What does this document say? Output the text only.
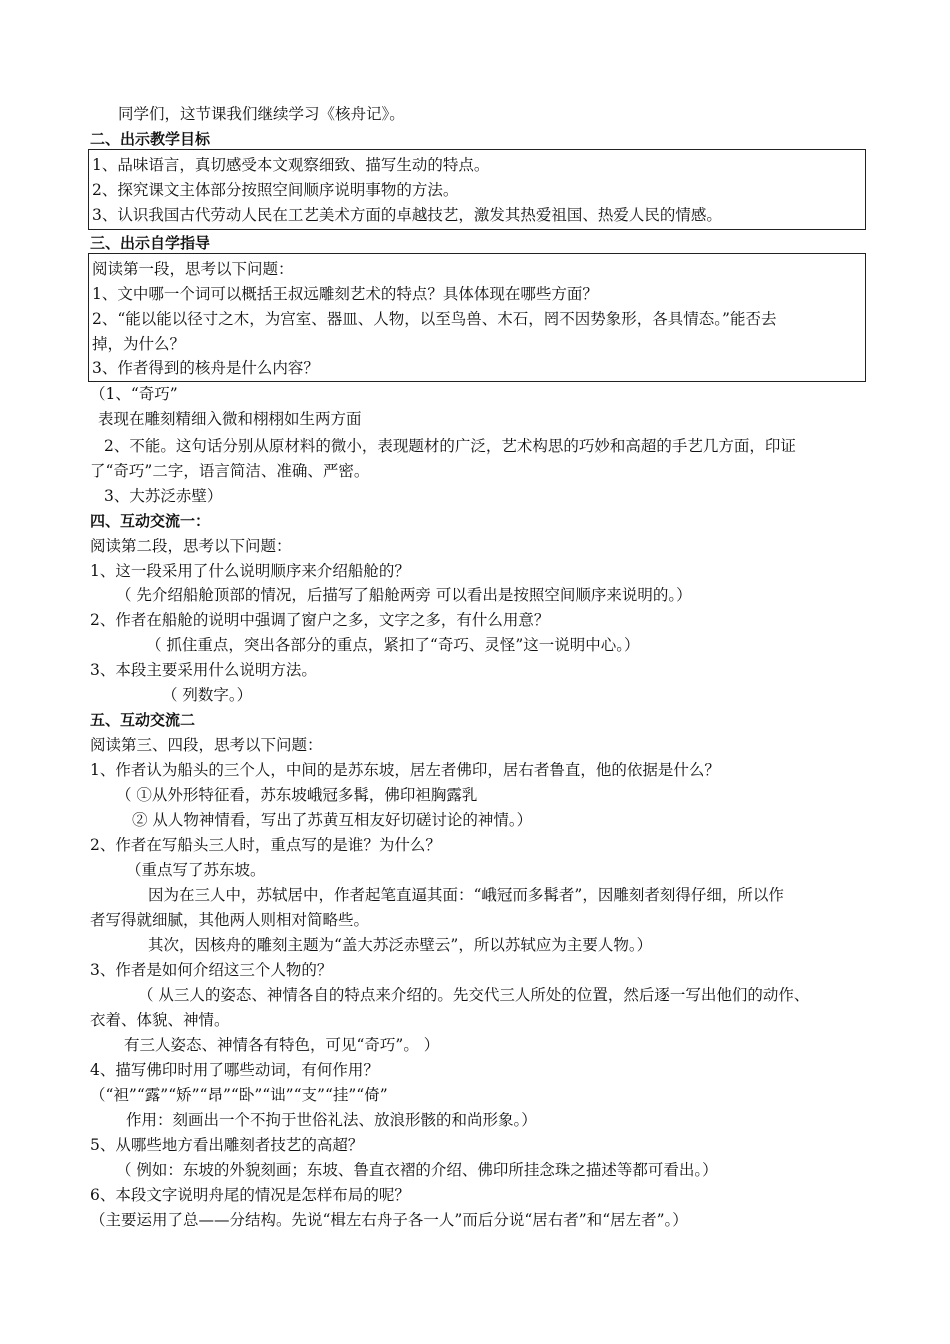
同学们，这节课我们继续学习《核舟记》。
二、出示教学目标
1、品味语言，真切感受本文观察细致、描写生动的特点。
2、探究课文主体部分按照空间顺序说明事物的方法。
3、认识我国古代劳动人民在工艺美术方面的卓越技艺，激发其热爱祖国、热爱人民的情感。
三、出示自学指导
阅读第一段，思考以下问题：
1、文中哪一个词可以概括王叔远雕刻艺术的特点？具体体现在哪些方面？
2、“能以能以径寸之木，为宫室、器皿、人物，以至鸟兽、木石，罔不因势象形，各具情态。”能否去
掉，为什么？
3、作者得到的核舟是什么内容？
（1、“奇巧”
表现在雕刻精细入微和栩栩如生两方面
2、不能。这句话分别从原材料的微小，表现题材的广泛，艺术构思的巧妙和高超的手艺几方面，印证
了“奇巧”二字，语言简洁、准确、严密。
3、大苏泛赤壁）
四、互动交流一：
阅读第二段，思考以下问题：
1、这一段采用了什么说明顺序来介绍船舱的？
（ 先介绍船舱顶部的情况，后描写了船舱两旁 可以看出是按照空间顺序来说明的。）
2、作者在船舱的说明中强调了窗户之多，文字之多，有什么用意？
（ 抓住重点，突出各部分的重点，紧扣了“奇巧、灵怪”这一说明中心。）
3、本段主要采用什么说明方法。
（ 列数字。）
五、互动交流二
阅读第三、四段，思考以下问题：
1、作者认为船头的三个人，中间的是苏东坡，居左者佛印，居右者鲁直，他的依据是什么？
（ ①从外形特征看，苏东坡峨冠多髯，佛印袒胸露乳
② 从人物神情看，写出了苏黄互相友好切磋讨论的神情。）
2、作者在写船头三人时，重点写的是谁？为什么？
（重点写了苏东坡。
因为在三人中，苏轼居中，作者起笔直逼其面：“峨冠而多髯者”，因雕刻者刻得仔细，所以作
者写得就细腻，其他两人则相对简略些。
其次，因核舟的雕刻主题为“盖大苏泛赤壁云”，所以苏轼应为主要人物。）
3、作者是如何介绍这三个人物的？
（ 从三人的姿态、神情各自的特点来介绍的。先交代三人所处的位置，然后逐一写出他们的动作、
衣着、体貌、神情。
有三人姿态、神情各有特色，可见“奇巧”。 ）
4、描写佛印时用了哪些动词，有何作用？
（“袒”“露”“矫”“昂”“卧”“诎”“支”“挂”“倚”
作用：刻画出一个不拘于世俗礼法、放浪形骸的和尚形象。）
5、从哪些地方看出雕刻者技艺的高超？
（ 例如：东坡的外貌刻画；东坡、鲁直衣褶的介绍、佛印所挂念珠之描述等都可看出。）
6、本段文字说明舟尾的情况是怎样布局的呢？
（主要运用了总——分结构。先说“楫左右舟子各一人”而后分说“居右者”和“居左者”。）
